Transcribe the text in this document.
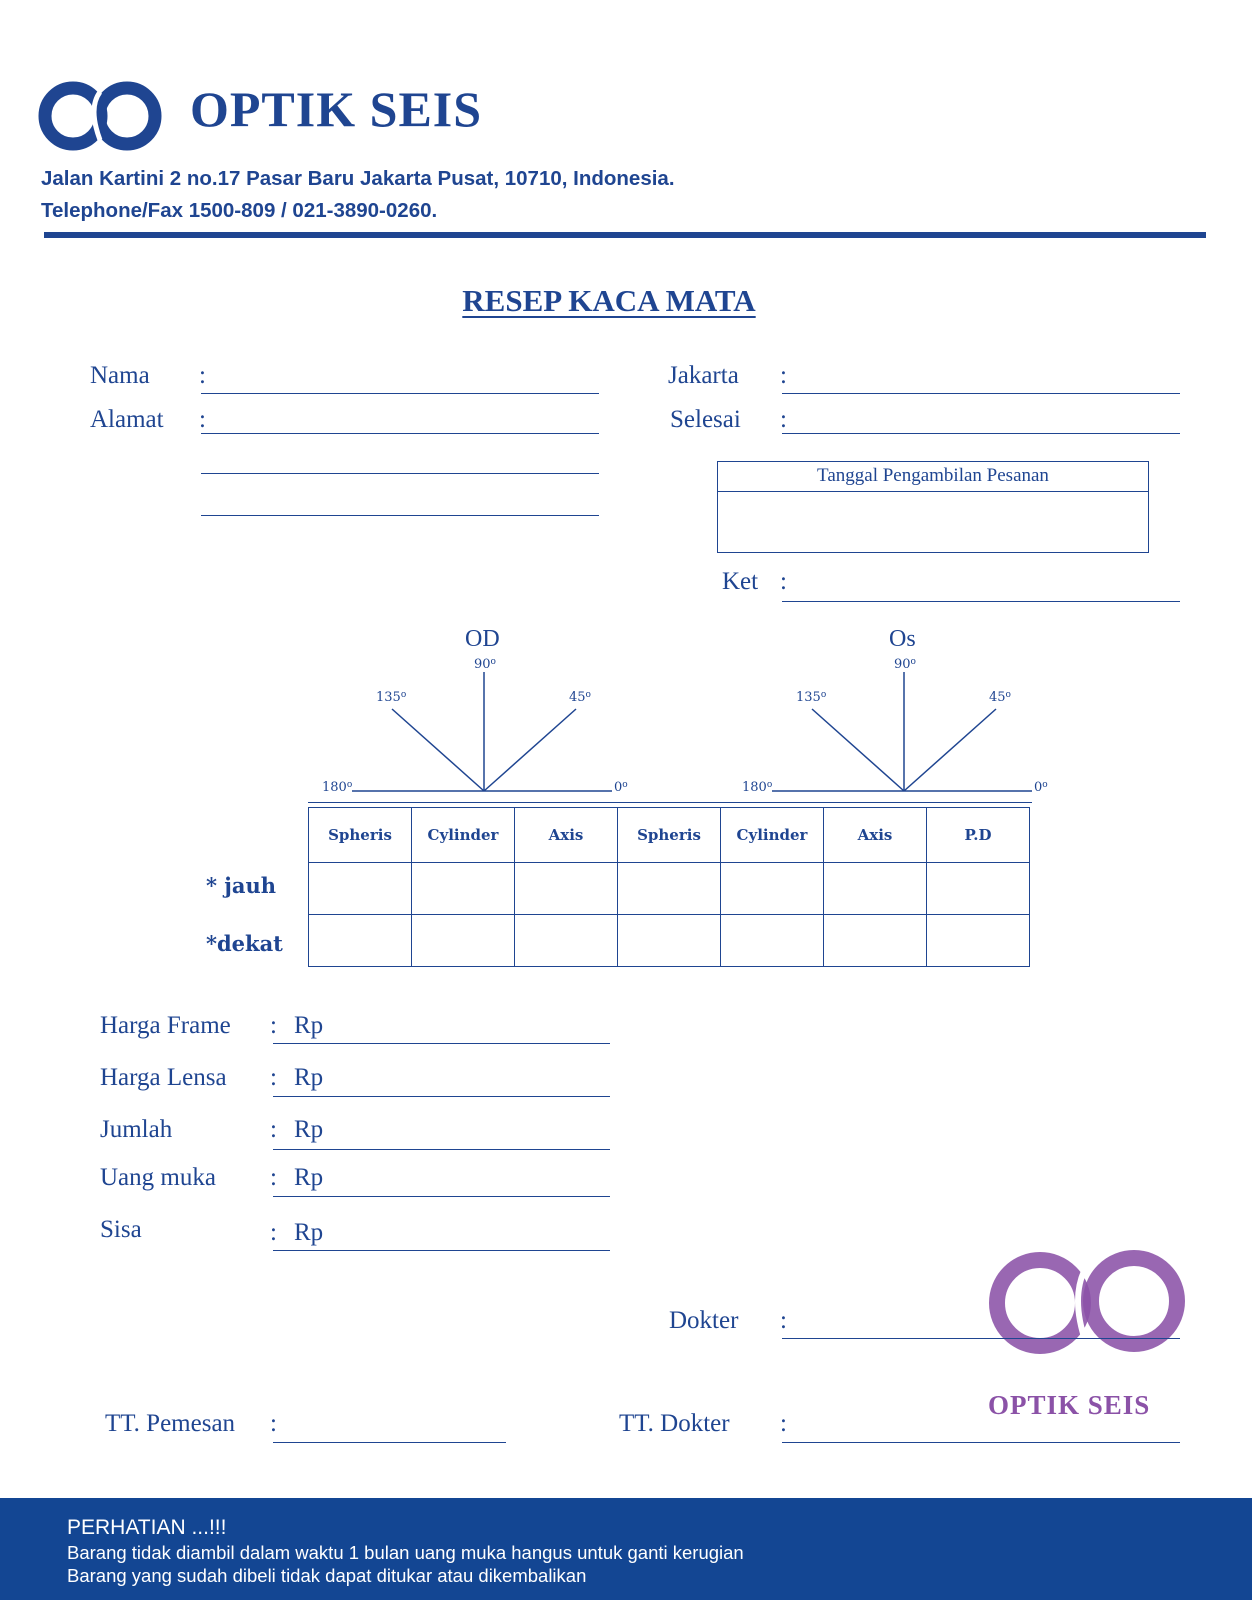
OPTIK SEIS
Jalan Kartini 2 no.17 Pasar Baru Jakarta Pusat, 10710, Indonesia.
Telephone/Fax 1500-809 / 021-3890-0260.
RESEP KACA MATA
Nama :
Alamat :
Jakarta :
Selesai :
Tanggal Pengambilan Pesanan
Ket :
OD	Os
90$^o$
135$^o$	45$^o$
180$^o$	0$^o$
90$^o$
135$^o$	45$^o$
180$^o$	0$^o$
Spheris	Cylinder	Axis	Spheris	Cylinder	Axis	P.D

* jauh
*dekat
Harga Frame : Rp
Harga Lensa : Rp
Jumlah	: Rp
Uang muka : Rp
Sisa	: Rp
OPTIK SEIS
Dokter :
TT. Pemesan :	TT. Dokter :
PERHATIAN ...!!!
Barang tidak diambil dalam waktu 1 bulan uang muka hangus untuk ganti kerugian
Barang yang sudah dibeli tidak dapat ditukar atau dikembalikan
